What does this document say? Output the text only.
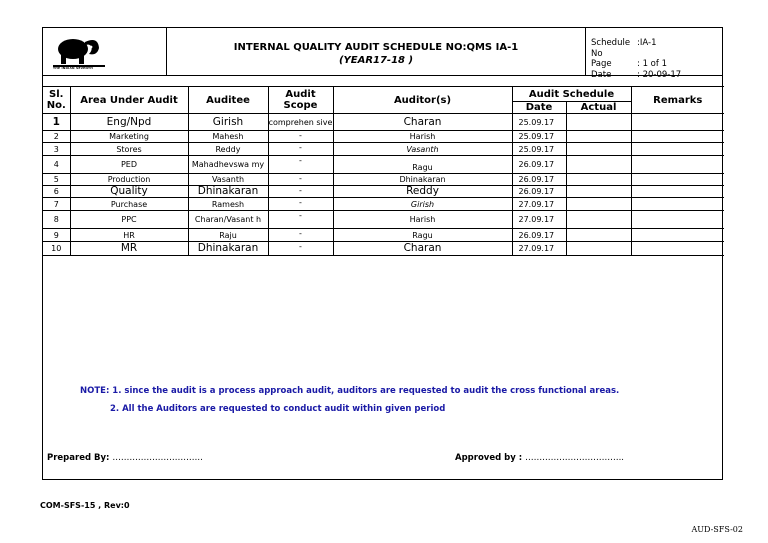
THE INDIAN SEVENTH
INTERNAL QUALITY AUDIT SCHEDULE NO:QMS IA-1
(YEAR17-18 )
Schedule No
:IA-1
Page	: 1 of 1
Date	: 20-09-17
Sl. No.	Area Under Audit	Auditee	Audit Scope	Auditor(s)	Audit Schedule		Remarks
					Date	Actual	
1	Eng/Npd	Girish	comprehen sive	Charan	25.09.17		
2	Marketing	Mahesh	-	Harish	25.09.17		
3	Stores	Reddy	-	Vasanth	25.09.17		
4	PED	Mahadhevswa my	-	Ragu	26.09.17		
5	Production	Vasanth	-	Dhinakaran	26.09.17		
6	Quality	Dhinakaran	-	Reddy	26.09.17		
7	Purchase	Ramesh	-	Girish	27.09.17		
8	PPC	Charan/Vasant h	-	Harish	27.09.17		
9	HR	Raju	-	Ragu	26.09.17		
10	MR	Dhinakaran	-	Charan	27.09.17		
NOTE: 1. since the audit is a process approach audit, auditors are requested to audit the cross functional areas.
2. All the Auditors are requested to conduct audit within given period
Prepared By: …………………………..	Approved by : ……………………………..
COM-SFS-15 , Rev:0
AUD-SFS-02
